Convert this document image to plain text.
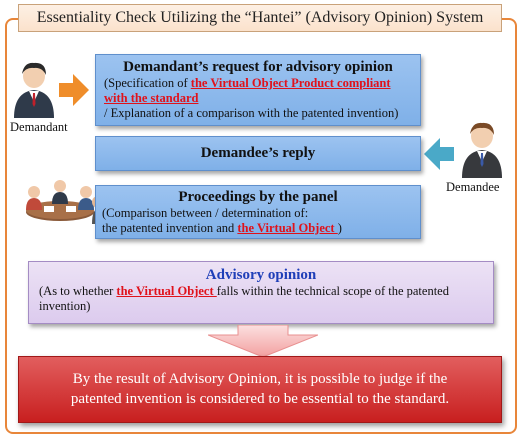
Essentiality Check Utilizing the “Hantei” (Advisory Opinion) System
Demandant
Demandee
Demandant’s request for advisory opinion
(Specification of the Virtual Object Product compliant with the standard
/ Explanation of a comparison with the patented invention)
Demandee’s reply
Proceedings by the panel
(Comparison between / determination of:
the patented invention and the Virtual Object )
Advisory opinion
(As to whether the Virtual Object falls within the technical scope of the patented invention)
By the result of Advisory Opinion, it is possible to judge if the
patented invention is considered to be essential to the standard.
